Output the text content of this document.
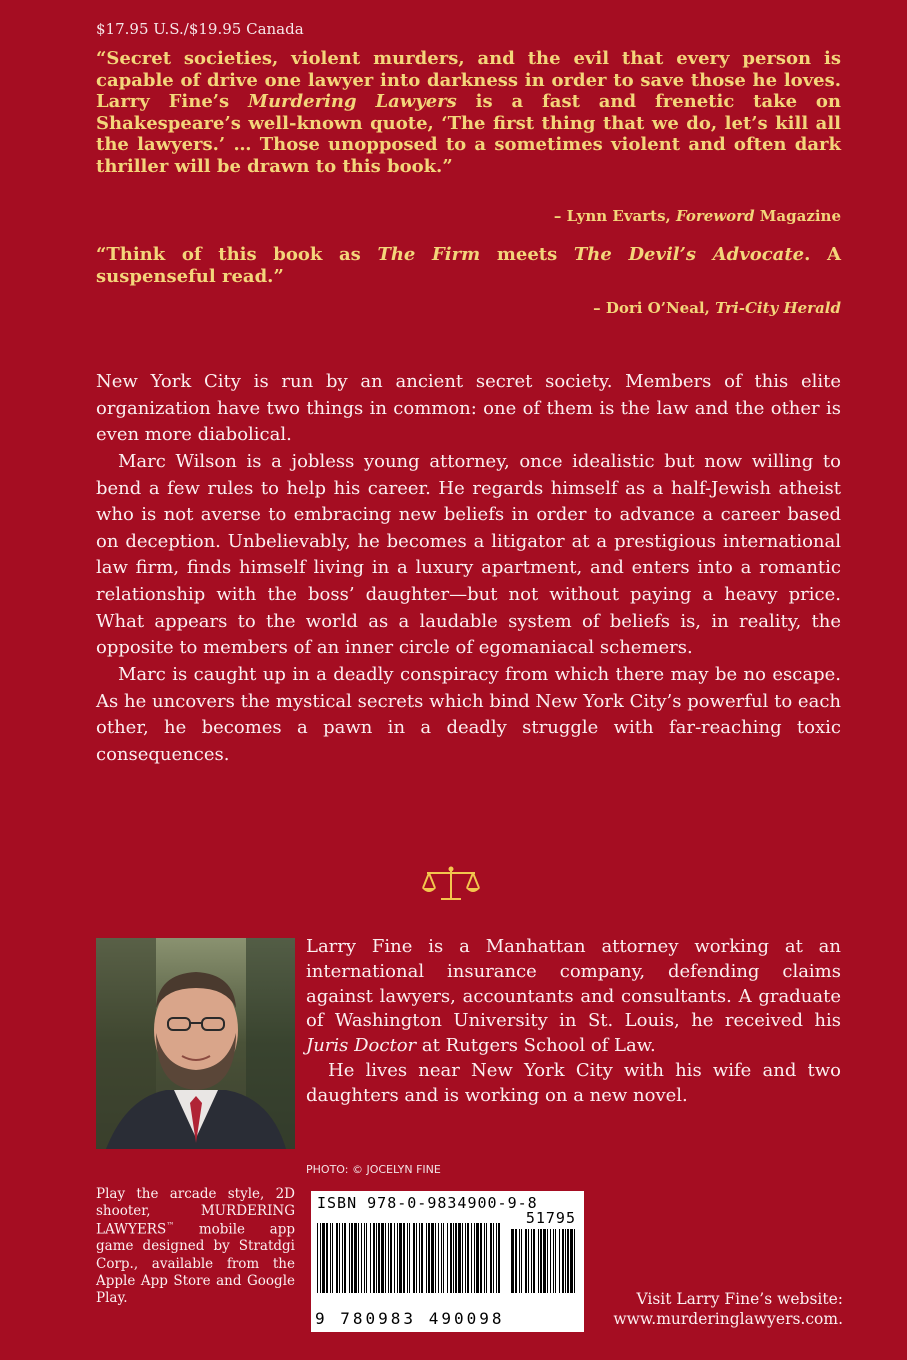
$17.95 U.S./$19.95 Canada
“Secret societies, violent murders, and the evil that every person is capable of drive one lawyer into darkness in order to save those he loves. Larry Fine’s Murdering Lawyers is a fast and frenetic take on Shakespeare’s well-known quote, ‘The first thing that we do, let’s kill all the lawyers.’ … Those unopposed to a sometimes violent and often dark thriller will be drawn to this book.”
– Lynn Evarts, Foreword Magazine
“Think of this book as The Firm meets The Devil’s Advocate. A suspenseful read.”
– Dori O’Neal, Tri-City Herald

New York City is run by an ancient secret society. Members of this elite organization have two things in common: one of them is the law and the other is even more diabolical.

Marc Wilson is a jobless young attorney, once idealistic but now willing to bend a few rules to help his career. He regards himself as a half-Jewish atheist who is not averse to embracing new beliefs in order to advance a career based on deception. Unbelievably, he becomes a litigator at a prestigious international law firm, finds himself living in a luxury apartment, and enters into a romantic relationship with the boss’ daughter—but not without paying a heavy price. What appears to the world as a laudable system of beliefs is, in reality, the opposite to members of an inner circle of egomaniacal schemers.

Marc is caught up in a deadly conspiracy from which there may be no escape. As he uncovers the mystical secrets which bind New York City’s powerful to each other, he becomes a pawn in a deadly struggle with far-reaching toxic consequences.

Larry Fine is a Manhattan attorney working at an international insurance company, defending claims against lawyers, accountants and consultants. A graduate of Washington University in St. Louis, he received his Juris Doctor at Rutgers School of Law.

He lives near New York City with his wife and two daughters and is working on a new novel.

PHOTO: © JOCELYN FINE
Play the arcade style, 2D shooter, MURDERING LAWYERS™ mobile app game designed by Stratdgi Corp., available from the Apple App Store and Google Play.
ISBN 978-0-9834900-9-8
51795
9 780983 490098
Visit Larry Fine’s website:
www.murderinglawyers.com.
